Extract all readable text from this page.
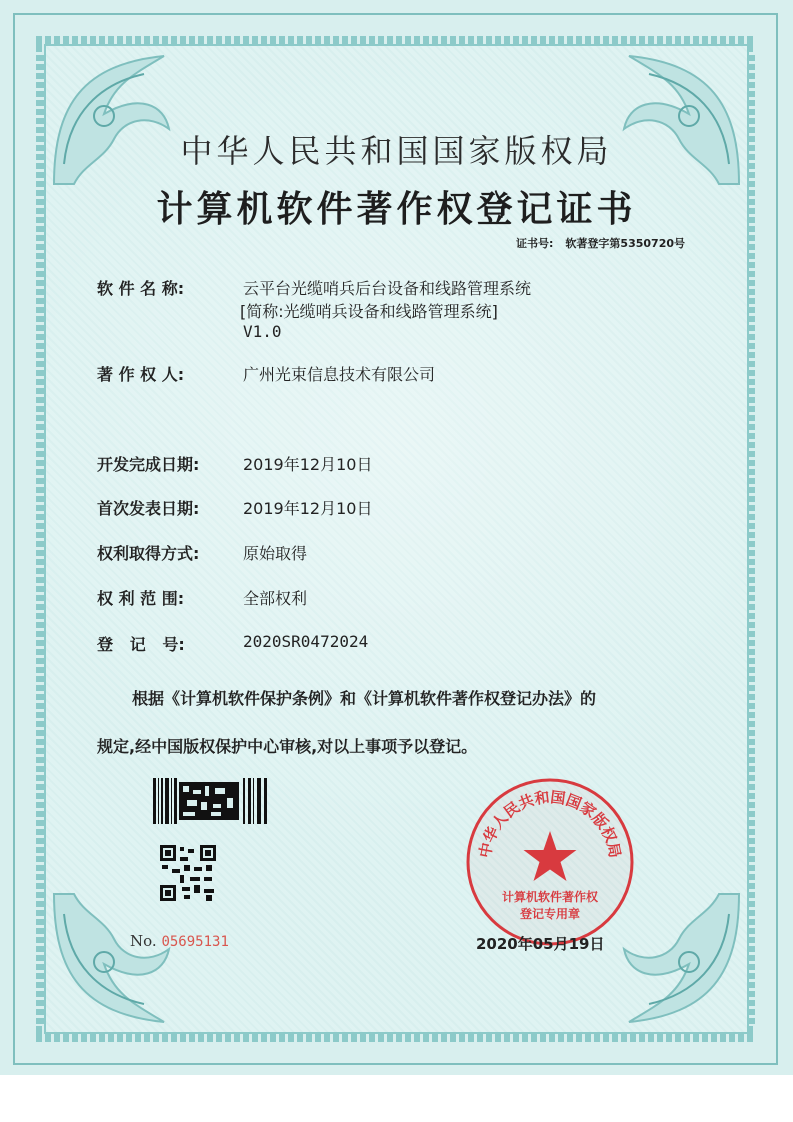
中华人民共和国国家版权局
计算机软件著作权登记证书
证书号: 软著登字第5350720号
软 件 名 称:	云平台光缆哨兵后台设备和线路管理系统
[简称:光缆哨兵设备和线路管理系统]
V1.0
著 作 权 人:	广州光束信息技术有限公司
开发完成日期:	2019年12月10日
首次发表日期:	2019年12月10日
权利取得方式:	原始取得
权 利 范 围:	全部权利
登   记   号:	2020SR0472024
根据《计算机软件保护条例》和《计算机软件著作权登记办法》的
规定,经中国版权保护中心审核,对以上事项予以登记。
No. 05695131
中华人民共和国国家版权局
计算机软件著作权
登记专用章
2020年05月19日
